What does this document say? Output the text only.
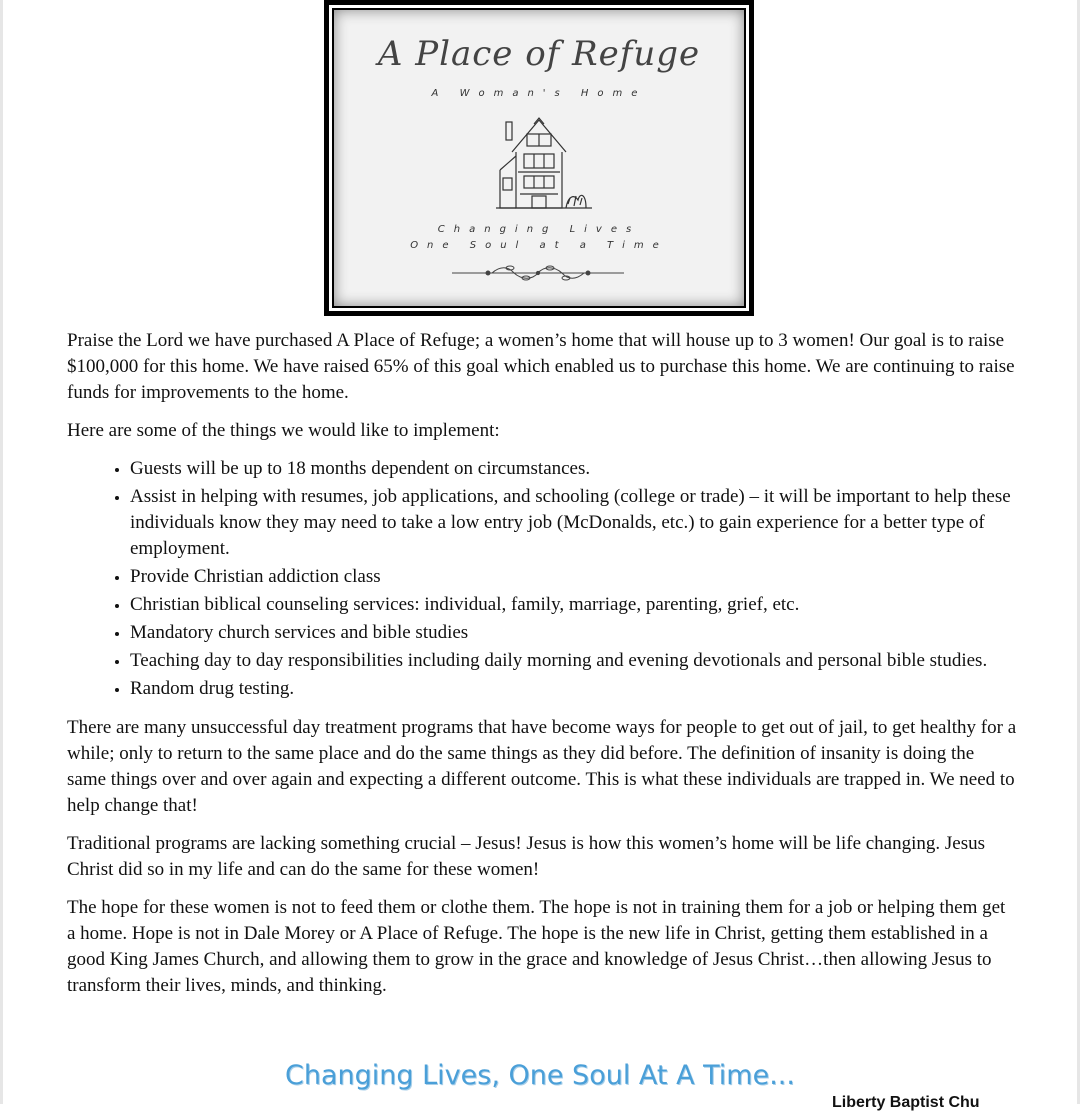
A Place of Refuge
A Woman's Home
Changing Lives
One Soul at a Time

Praise the Lord we have purchased A Place of Refuge; a women’s home that will house up to 3 women! Our goal is to raise $100,000 for this home. We have raised 65% of this goal which enabled us to purchase this home. We are continuing to raise funds for improvements to the home.

Here are some of the things we would like to implement:

• Guests will be up to 18 months dependent on circumstances.
• Assist in helping with resumes, job applications, and schooling (college or trade) – it will be important to help these individuals know they may need to take a low entry job (McDonalds, etc.) to gain experience for a better type of employment.
• Provide Christian addiction class
• Christian biblical counseling services: individual, family, marriage, parenting, grief, etc.
• Mandatory church services and bible studies
• Teaching day to day responsibilities including daily morning and evening devotionals and personal bible studies.
• Random drug testing.

There are many unsuccessful day treatment programs that have become ways for people to get out of jail, to get healthy for a while; only to return to the same place and do the same things as they did before. The definition of insanity is doing the same things over and over again and expecting a different outcome. This is what these individuals are trapped in. We need to help change that!

Traditional programs are lacking something crucial – Jesus! Jesus is how this women’s home will be life changing. Jesus Christ did so in my life and can do the same for these women!

The hope for these women is not to feed them or clothe them. The hope is not in training them for a job or helping them get a home. Hope is not in Dale Morey or A Place of Refuge. The hope is the new life in Christ, getting them established in a good King James Church, and allowing them to grow in the grace and knowledge of Jesus Christ…then allowing Jesus to transform their lives, minds, and thinking.

Changing Lives, One Soul At A Time...
Liberty Baptist Chu
